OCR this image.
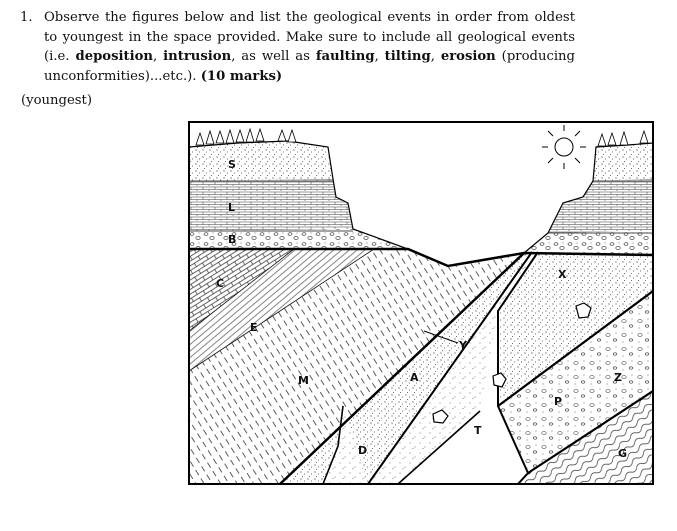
1. Observe the figures below and list the geological events in order from oldest to youngest in the space provided. Make sure to include all geological events (i.e. deposition, intrusion, as well as faulting, tilting, erosion (producing unconformities)...etc.). (10 marks)
(youngest)
S
L
B
C
E
M
D
A
Y
T
X
P
Z
G
